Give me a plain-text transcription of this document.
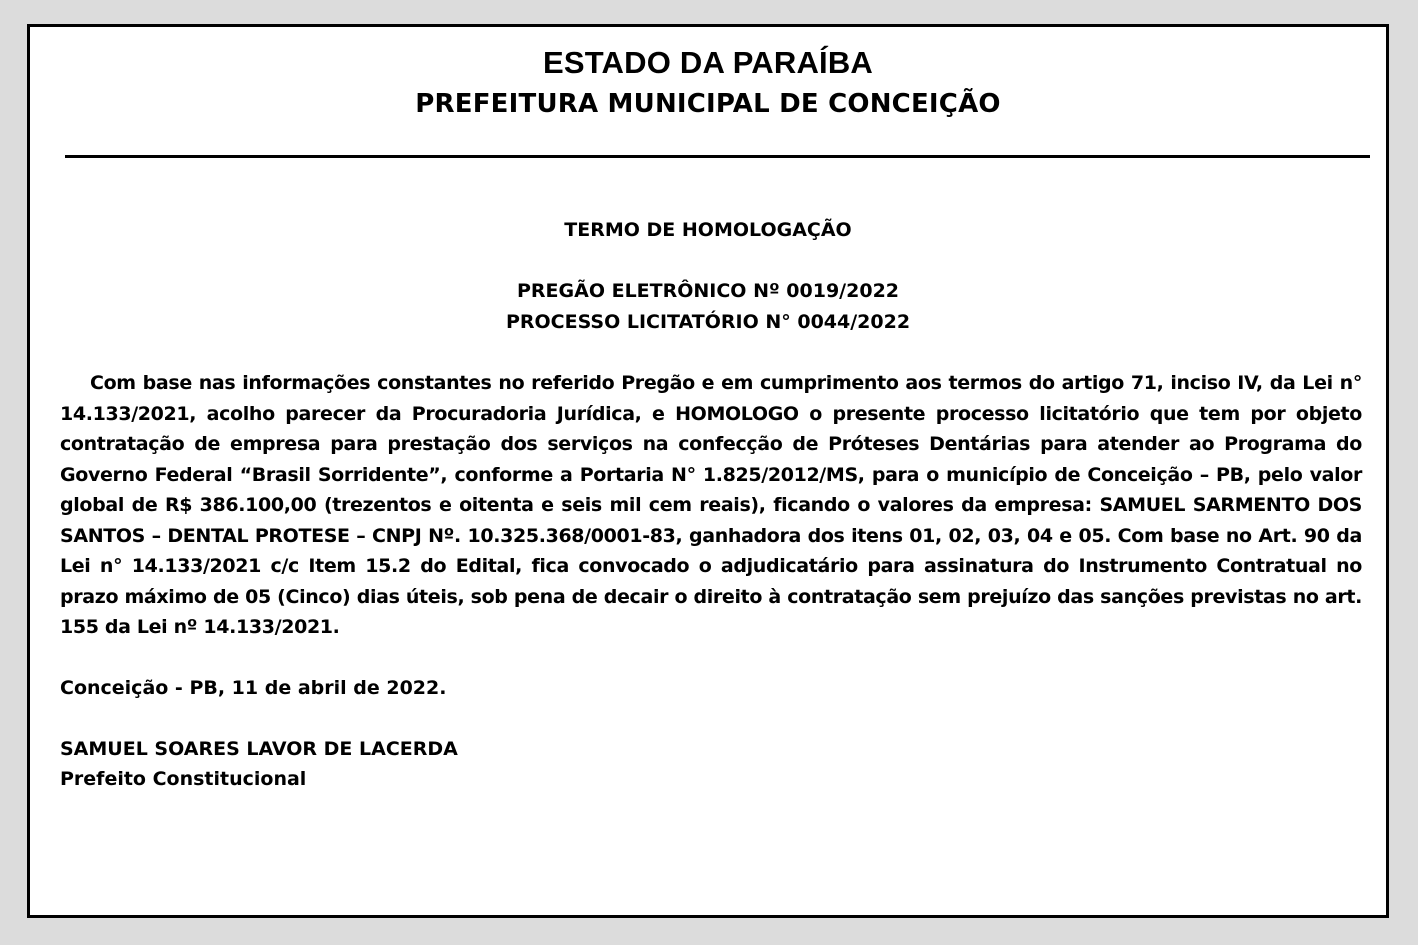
ESTADO DA PARAÍBA
PREFEITURA MUNICIPAL DE CONCEIÇÃO
TERMO DE HOMOLOGAÇÃO
PREGÃO ELETRÔNICO Nº 0019/2022
PROCESSO LICITATÓRIO N° 0044/2022

Com base nas informações constantes no referido Pregão e em cumprimento aos termos do artigo 71, inciso IV, da Lei n° 14.133/2021, acolho parecer da Procuradoria Jurídica, e HOMOLOGO o presente processo licitatório que tem por objeto contratação de empresa para prestação dos serviços na confecção de Próteses Dentárias para atender ao Programa do Governo Federal “Brasil Sorridente”, conforme a Portaria N° 1.825/2012/MS, para o município de Conceição – PB, pelo valor global de R$ 386.100,00 (trezentos e oitenta e seis mil cem reais), ficando o valores da empresa: SAMUEL SARMENTO DOS SANTOS – DENTAL PROTESE – CNPJ Nº. 10.325.368/0001-83, ganhadora dos itens 01, 02, 03, 04 e 05. Com base no Art. 90 da Lei n° 14.133/2021 c/c Item 15.2 do Edital, fica convocado o adjudicatário para assinatura do Instrumento Contratual no prazo máximo de 05 (Cinco) dias úteis, sob pena de decair o direito à contratação sem prejuízo das sanções previstas no art. 155 da Lei nº 14.133/2021.

Conceição - PB, 11 de abril de 2022.
SAMUEL SOARES LAVOR DE LACERDA
Prefeito Constitucional
